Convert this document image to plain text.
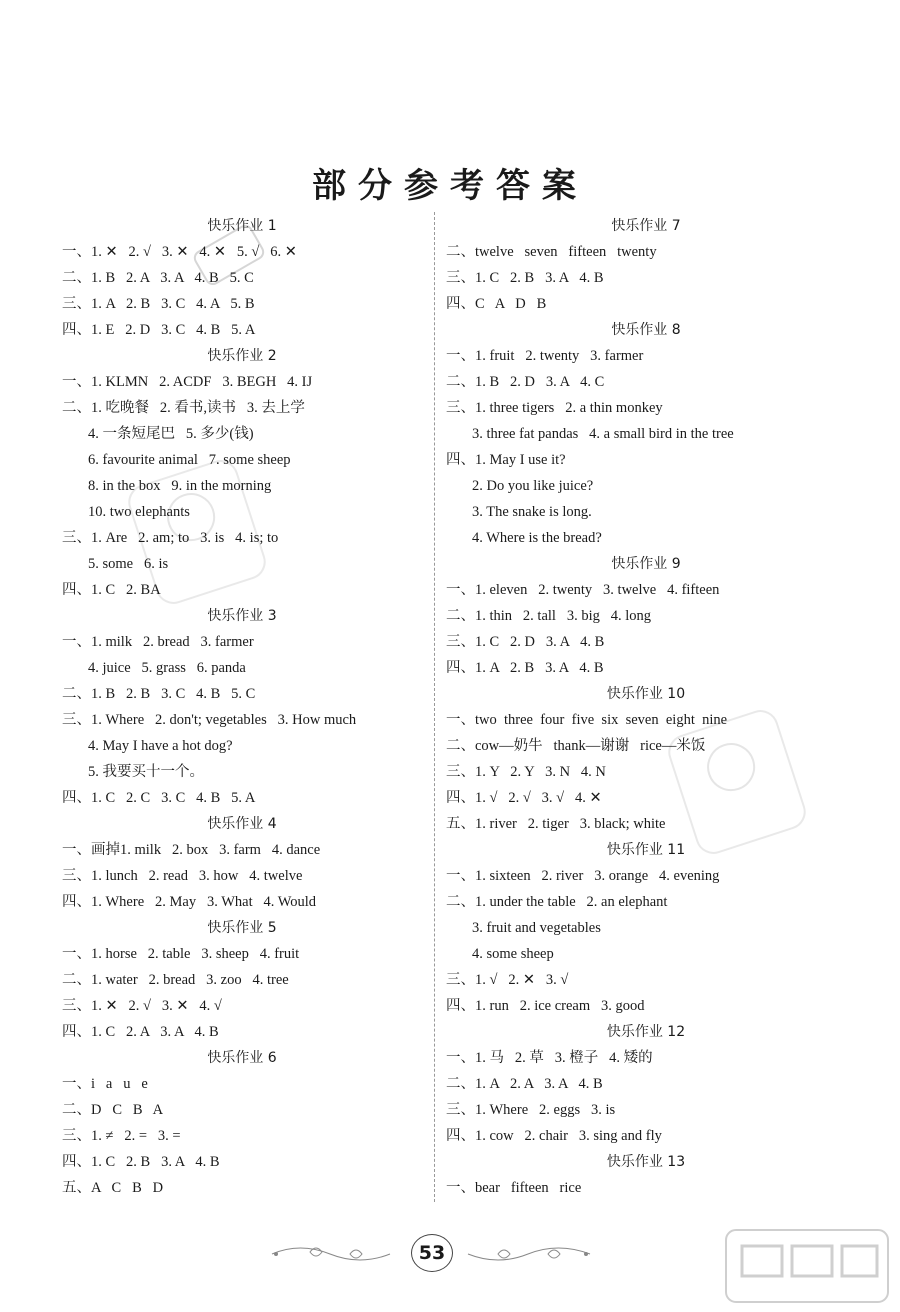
部分参考答案
快乐作业 1
一、1. ✕   2. √   3. ✕   4. ✕   5. √   6. ✕
二、1. B   2. A   3. A   4. B   5. C
三、1. A   2. B   3. C   4. A   5. B
四、1. E   2. D   3. C   4. B   5. A
快乐作业 2
一、1. KLMN   2. ACDF   3. BEGH   4. IJ
二、1. 吃晚餐   2. 看书,读书   3. 去上学
4. 一条短尾巴   5. 多少(钱)
6. favourite animal   7. some sheep
8. in the box   9. in the morning
10. two elephants
三、1. Are   2. am; to   3. is   4. is; to
5. some   6. is
四、1. C   2. BA
快乐作业 3
一、1. milk   2. bread   3. farmer
4. juice   5. grass   6. panda
二、1. B   2. B   3. C   4. B   5. C
三、1. Where   2. don't; vegetables   3. How much
4. May I have a hot dog?
5. 我要买十一个。
四、1. C   2. C   3. C   4. B   5. A
快乐作业 4
一、画掉1. milk   2. box   3. farm   4. dance
三、1. lunch   2. read   3. how   4. twelve
四、1. Where   2. May   3. What   4. Would
快乐作业 5
一、1. horse   2. table   3. sheep   4. fruit
二、1. water   2. bread   3. zoo   4. tree
三、1. ✕   2. √   3. ✕   4. √
四、1. C   2. A   3. A   4. B
快乐作业 6
一、i   a   u   e
二、D   C   B   A
三、1. ≠   2. =   3. =
四、1. C   2. B   3. A   4. B
五、A   C   B   D
快乐作业 7
二、twelve   seven   fifteen   twenty
三、1. C   2. B   3. A   4. B
四、C   A   D   B
快乐作业 8
一、1. fruit   2. twenty   3. farmer
二、1. B   2. D   3. A   4. C
三、1. three tigers   2. a thin monkey
3. three fat pandas   4. a small bird in the tree
四、1. May I use it?
2. Do you like juice?
3. The snake is long.
4. Where is the bread?
快乐作业 9
一、1. eleven   2. twenty   3. twelve   4. fifteen
二、1. thin   2. tall   3. big   4. long
三、1. C   2. D   3. A   4. B
四、1. A   2. B   3. A   4. B
快乐作业 10
一、two  three  four  five  six  seven  eight  nine
二、cow—奶牛   thank—谢谢   rice—米饭
三、1. Y   2. Y   3. N   4. N
四、1. √   2. √   3. √   4. ✕
五、1. river   2. tiger   3. black; white
快乐作业 11
一、1. sixteen   2. river   3. orange   4. evening
二、1. under the table   2. an elephant
3. fruit and vegetables
4. some sheep
三、1. √   2. ✕   3. √
四、1. run   2. ice cream   3. good
快乐作业 12
一、1. 马   2. 草   3. 橙子   4. 矮的
二、1. A   2. A   3. A   4. B
三、1. Where   2. eggs   3. is
四、1. cow   2. chair   3. sing and fly
快乐作业 13
一、bear   fifteen   rice
53
